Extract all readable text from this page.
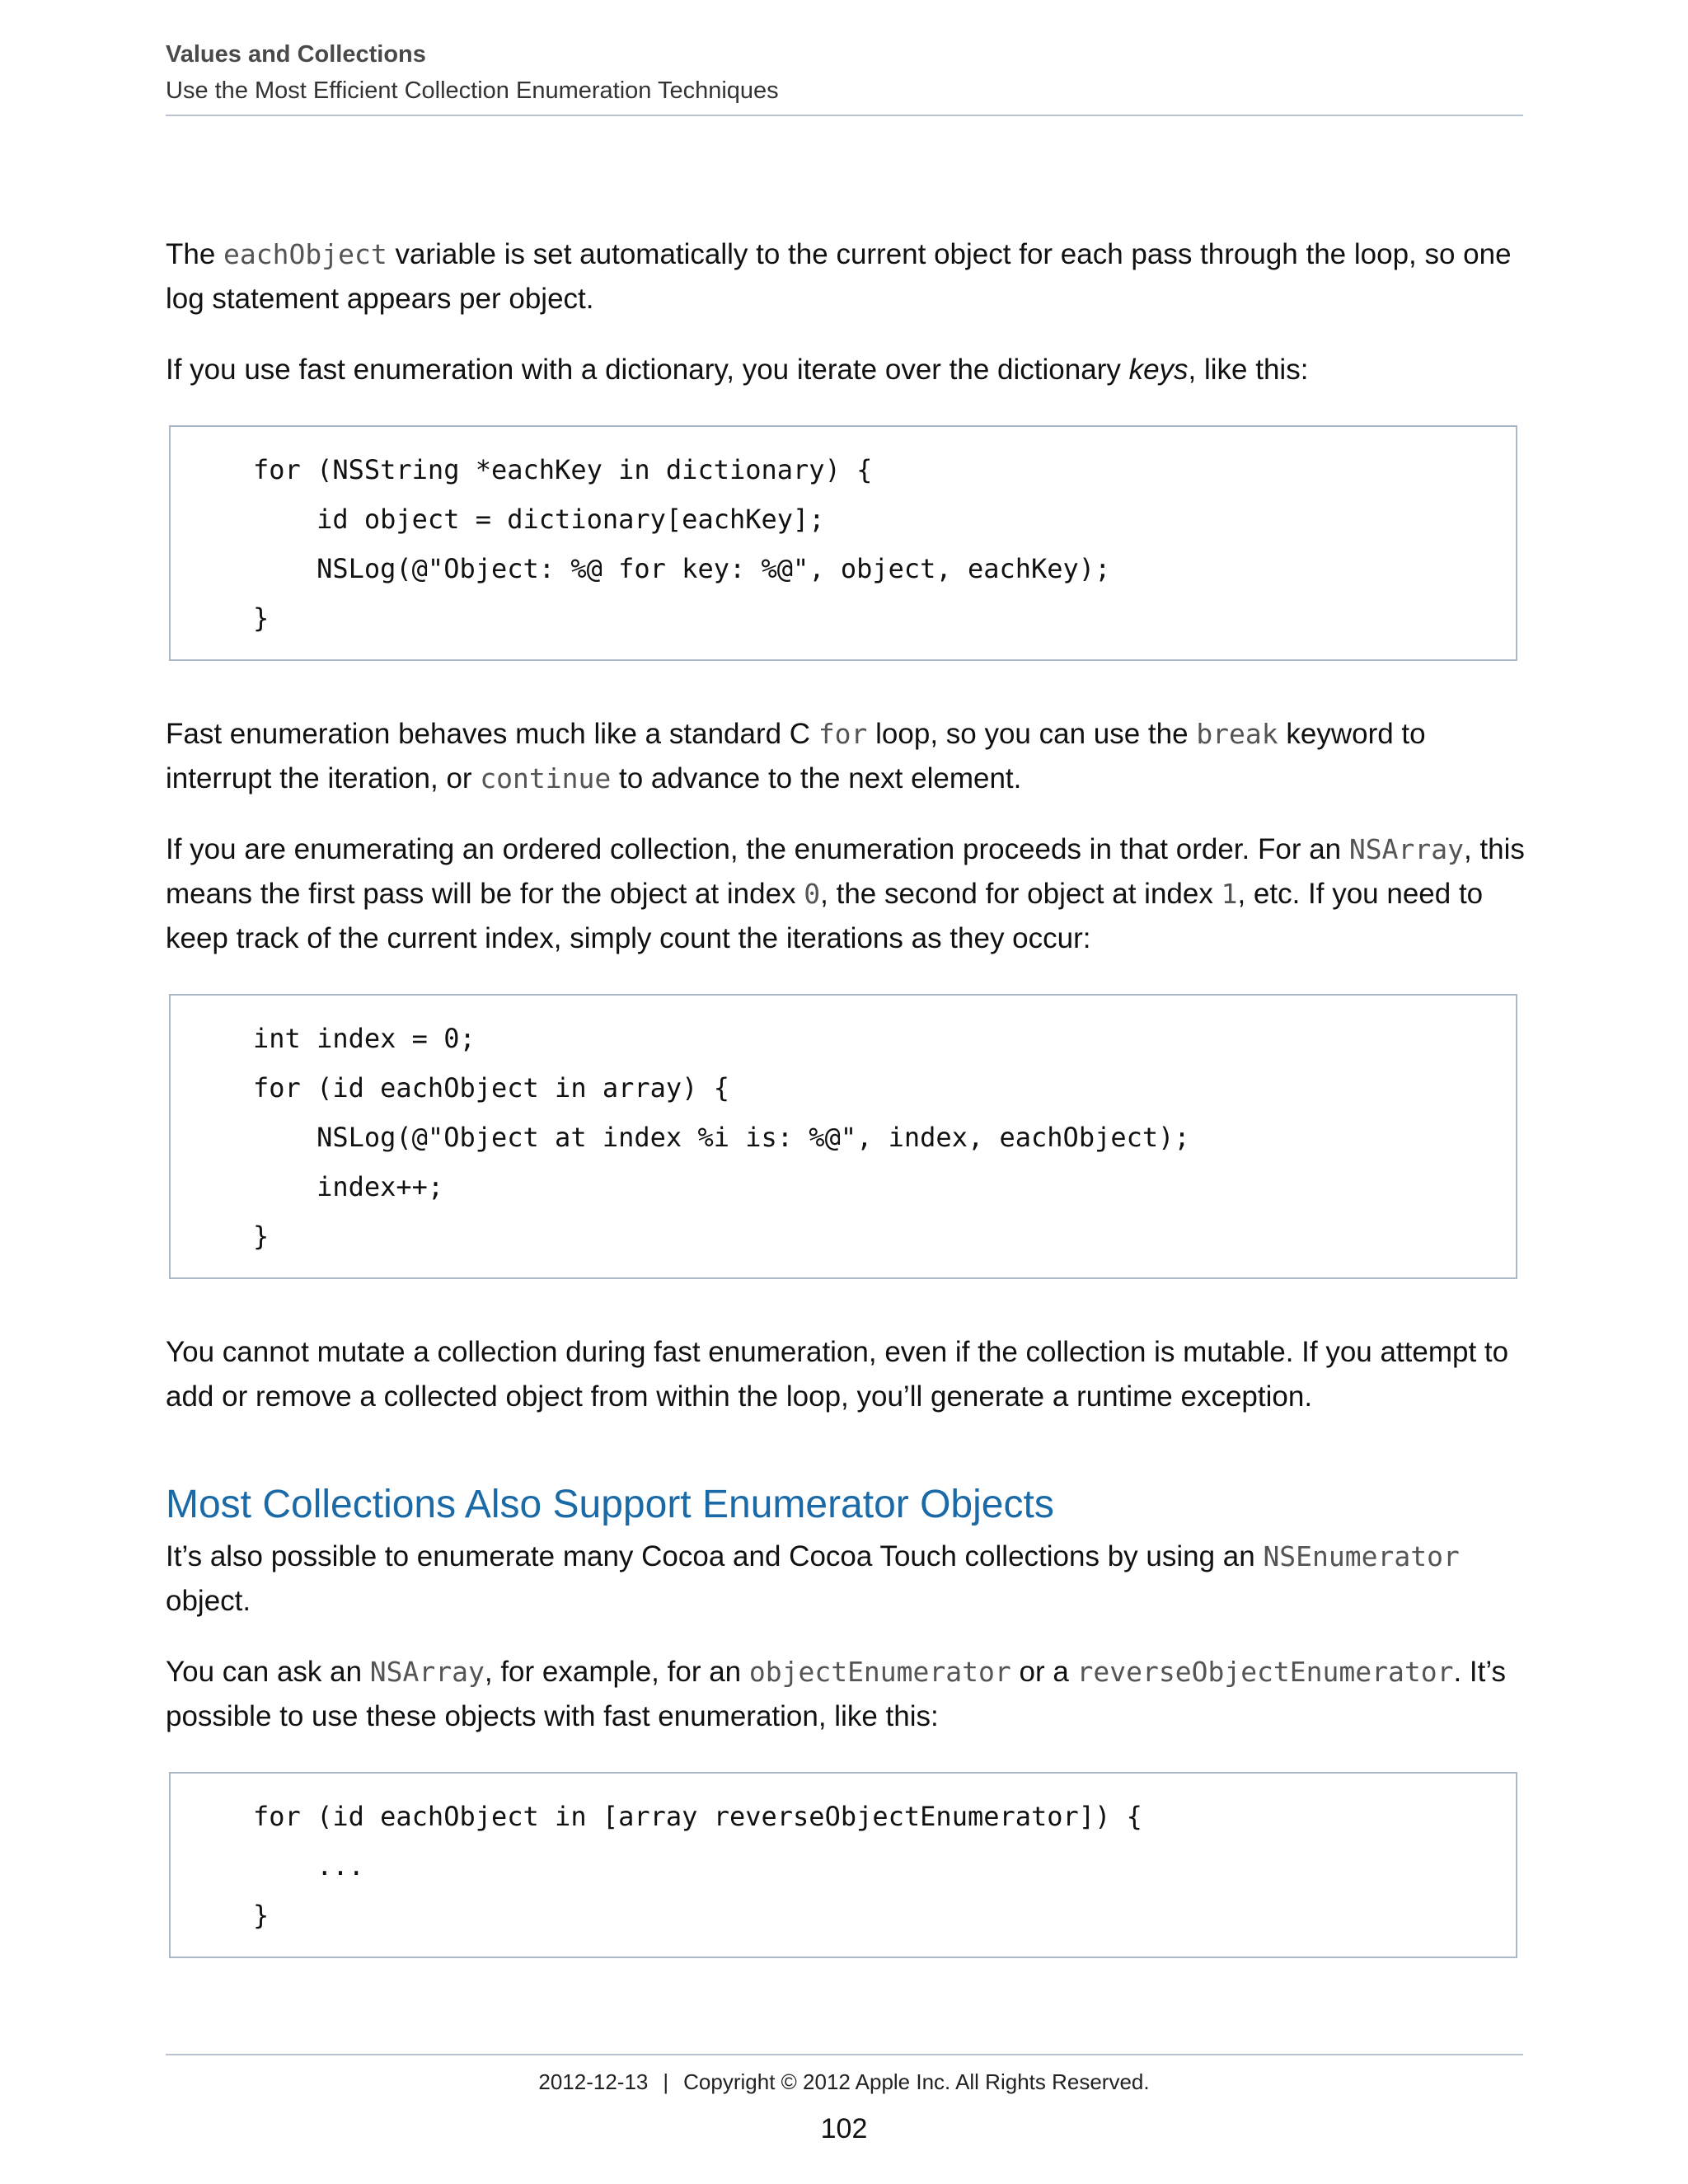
Values and Collections
Use the Most Efficient Collection Enumeration Techniques

The eachObject variable is set automatically to the current object for each pass through the loop, so one log statement appears per object.

If you use fast enumeration with a dictionary, you iterate over the dictionary keys, like this:

for (NSString *eachKey in dictionary) {
id object = dictionary[eachKey];
NSLog(@"Object: %@ for key: %@", object, eachKey);
}

Fast enumeration behaves much like a standard C for loop, so you can use the break keyword to interrupt the iteration, or continue to advance to the next element.

If you are enumerating an ordered collection, the enumeration proceeds in that order. For an NSArray, this means the first pass will be for the object at index 0, the second for object at index 1, etc. If you need to keep track of the current index, simply count the iterations as they occur:

int index = 0;
for (id eachObject in array) {
NSLog(@"Object at index %i is: %@", index, eachObject);
index++;
}

You cannot mutate a collection during fast enumeration, even if the collection is mutable. If you attempt to add or remove a collected object from within the loop, you’ll generate a runtime exception.

Most Collections Also Support Enumerator Objects

It’s also possible to enumerate many Cocoa and Cocoa Touch collections by using an NSEnumerator object.

You can ask an NSArray, for example, for an objectEnumerator or a reverseObjectEnumerator. It’s possible to use these objects with fast enumeration, like this:

for (id eachObject in [array reverseObjectEnumerator]) {
...
}
2012-12-13 | Copyright © 2012 Apple Inc. All Rights Reserved.
102
